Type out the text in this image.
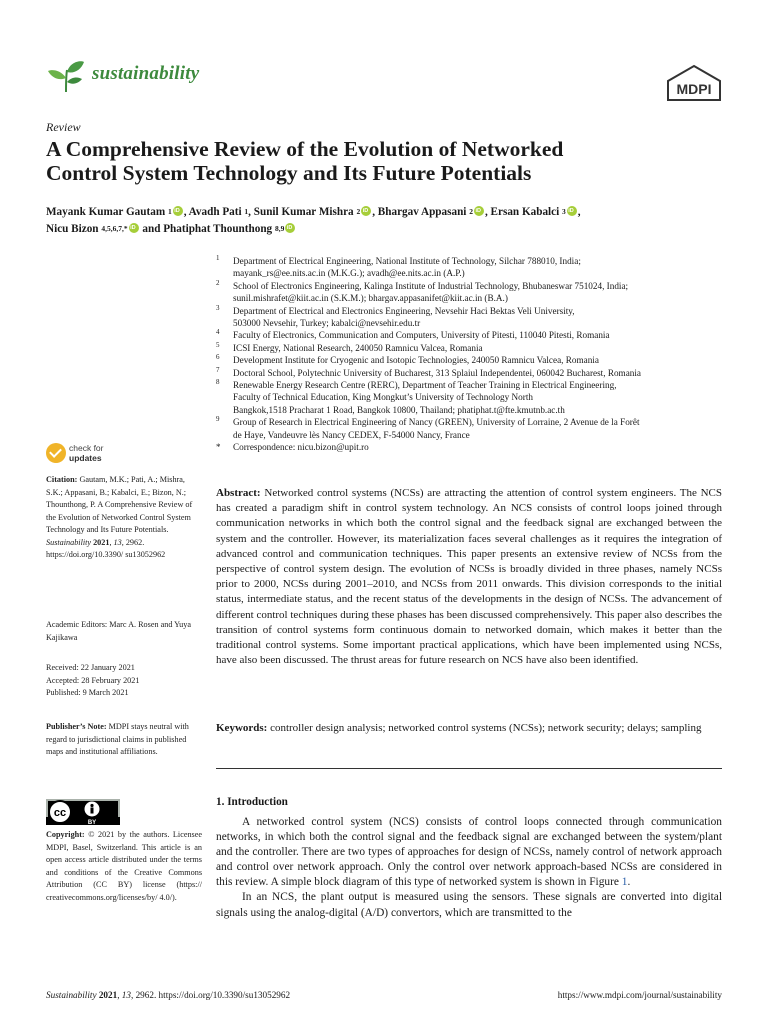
sustainability
MDPI
Review
A Comprehensive Review of the Evolution of Networked
Control System Technology and Its Future Potentials
Mayank Kumar Gautam $^1$ iD , Avadh Pati $^1$, Sunil Kumar Mishra $^2$ iD , Bhargav Appasani $^2$ iD , Ersan Kabalci $^3$ iD ,
Nicu Bizon $^{4,5,6,7,*}$iD and Phatiphat Thounthong $^{8,9}$iD
1 Department of Electrical Engineering, National Institute of Technology, Silchar 788010, India;
mayank_rs@ee.nits.ac.in (M.K.G.); avadh@ee.nits.ac.in (A.P.)
2 School of Electronics Engineering, Kalinga Institute of Industrial Technology, Bhubaneswar 751024, India;
sunil.mishrafet@kiit.ac.in (S.K.M.); bhargav.appasanifet@kiit.ac.in (B.A.)
3 Department of Electrical and Electronics Engineering, Nevsehir Haci Bektas Veli University,
503000 Nevsehir, Turkey; kabalci@nevsehir.edu.tr
4 Faculty of Electronics, Communication and Computers, University of Pitesti, 110040 Pitesti, Romania
5 ICSI Energy, National Research, 240050 Ramnicu Valcea, Romania
6 Development Institute for Cryogenic and Isotopic Technologies, 240050 Ramnicu Valcea, Romania
7 Doctoral School, Polytechnic University of Bucharest, 313 Splaiul Independentei, 060042 Bucharest, Romania
8 Renewable Energy Research Centre (RERC), Department of Teacher Training in Electrical Engineering,
Faculty of Technical Education, King Mongkut’s University of Technology North
Bangkok,1518 Pracharat 1 Road, Bangkok 10800, Thailand; phatiphat.t@fte.kmutnb.ac.th
9 Group of Research in Electrical Engineering of Nancy (GREEN), University of Lorraine, 2 Avenue de la Forêt
de Haye, Vandeuvre lès Nancy CEDEX, F-54000 Nancy, France
* Correspondence: nicu.bizon@upit.ro
check for
updates
Citation: Gautam, M.K.; Pati, A.; Mishra, S.K.; Appasani, B.; Kabalci, E.; Bizon, N.; Thounthong, P. A Comprehensive Review of the Evolution of Networked Control System Technology and Its Future Potentials. Sustainability 2021, 13, 2962. https://doi.org/10.3390/ su13052962
Academic Editors: Marc A. Rosen and Yuya Kajikawa
Received: 22 January 2021
Accepted: 28 February 2021
Published: 9 March 2021
Publisher’s Note: MDPI stays neutral with regard to jurisdictional claims in published maps and institutional affiliations.
cc
BY
Copyright: © 2021 by the authors. Licensee MDPI, Basel, Switzerland. This article is an open access article distributed under the terms and conditions of the Creative Commons Attribution (CC BY) license (https:// creativecommons.org/licenses/by/ 4.0/).
Abstract: Networked control systems (NCSs) are attracting the attention of control system engineers. The NCS has created a paradigm shift in control system technology. An NCS consists of control loops joined through communication networks in which both the control signal and the feedback signal are exchanged between the system and the controller. However, its materialization faces several challenges as it requires the integration of advanced control and communication techniques. This paper presents an extensive review of NCSs from the perspective of control system design. The evolution of NCSs is broadly divided in three phases, namely NCSs prior to 2000, NCSs during 2001–2010, and NCSs from 2011 onwards. This division corresponds to the initial status, intermediate status, and the recent status of the developments in the design of NCSs. The advancement of different control techniques during these phases has been discussed comprehensively. This paper also describes the transition of control systems form continuous domain to networked domain, which makes it better than the traditional control systems. Some important practical applications, which have been implemented using NCSs, have also been discussed. The thrust areas for future research on NCS have also been identified.
Keywords: controller design analysis; networked control systems (NCSs); network security; delays; sampling
1. Introduction

A networked control system (NCS) consists of control loops connected through communication networks, in which both the control signal and the feedback signal are exchanged between the system/plant and the controller. There are two types of approaches for design of NCSs, namely control of network approach and control over network approach. Only the control over network approach-based NCSs are considered in this review. A simple block diagram of this type of networked system is shown in Figure 1.

In an NCS, the plant output is measured using the sensors. These signals are converted into digital signals using the analog-digital (A/D) convertors, which are transmitted to the

Sustainability 2021, 13, 2962. https://doi.org/10.3390/su13052962	https://www.mdpi.com/journal/sustainability
